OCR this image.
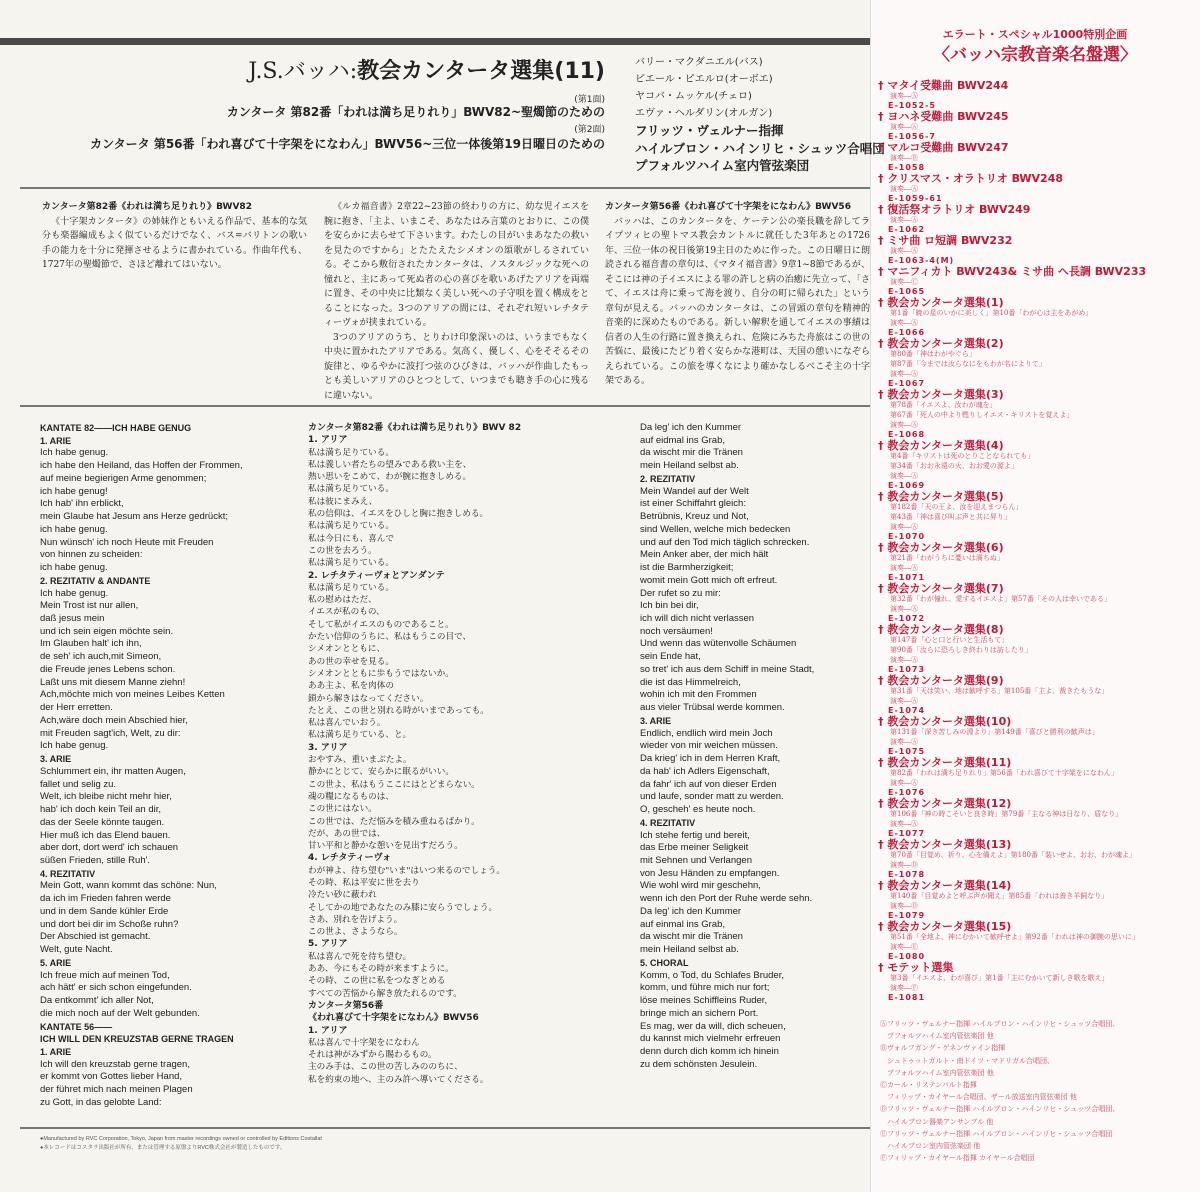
J.S.バッハ:教会カンタータ選集(11)
(第1面)
カンタータ 第82番「われは満ち足りれり」BWV82~聖燭節のための
(第2面)
カンタータ 第56番「われ喜びて十字架をになわん」BWV56~三位一体後第19日曜日のための
バリー・マクダニエル(バス)
ピエール・ピエルロ(オーボエ)
ヤコバ・ムッケル(チェロ)
エヴァ・ヘルダリン(オルガン)
フリッツ・ヴェルナー指揮
ハイルブロン・ハインリヒ・シュッツ合唱団
プフォルツハイム室内管弦楽団
カンタータ第82番《われは満ち足りれり》BWV82

《十字架カンタータ》の姉妹作ともいえる作品で、基本的な気分も楽器編成もよく似ているだけでなく、バス=バリトンの歌い手の能力を十分に発揮させるように書かれている。作曲年代も、1727年の聖燭節で、さほど離れてはいない。

《ルカ福音書》2章22~23節の終わりの方に、幼な児イエスを腕に抱き、「主よ、いまこそ、あなたはみ言葉のとおりに、この僕を安らかに去らせて下さいます。わたしの目がいまあなたの救いを見たのですから」とたたえたシメオンの頌歌がしるされている。そこから敷衍されたカンタータは、ノスタルジックな死への憧れと、主にあって死ぬ者の心の喜びを歌いあげたアリアを両端に置き、その中央に比類なく美しい死への子守唄を置く構成をとることになった。3つのアリアの間には、それぞれ短いレチタティーヴォが挟まれている。

3つのアリアのうち、とりわけ印象深いのは、いうまでもなく中央に置かれたアリアである。気高く、優しく、心をそそるその旋律と、ゆるやかに波打つ弦のひびきは、バッハが作曲したもっとも美しいアリアのひとつとして、いつまでも聴き手の心に残るに違いない。

カンタータ第56番《われ喜びて十字架をになわん》BWV56

バッハは、このカンタータを、ケーテン公の楽長職を辞してライプツィヒの聖トマス教会カントルに就任した3年あとの1726年、三位一体の祝日後第19主日のために作った。この日曜日に朗読される福音書の章句は、《マタイ福音書》9章1~8節であるが、そこには神の子イエスによる罪の許しと病の治癒に先立って、「さて、イエスは舟に乗って海を渡り、自分の町に帰られた」という章句が見える。バッハのカンタータは、この冒頭の章句を精神的音楽的に深めたものである。新しい解釈を通してイエスの事績は信者の人生の行路に置き換えられ、危険にみちた舟旅はこの世の苦悩に、最後にたどり着く安らかな港町は、天国の憩いになぞらえられている。この旅を導くなにより確かなしるべこそ主の十字架である。

KANTATE 82——ICH HABE GENUG
1. ARIE
Ich habe genug.
ich habe den Heiland, das Hoffen der Frommen,
auf meine begierigen Arme genommen;
ich habe genug!
Ich hab' ihn erblickt,
mein Glaube hat Jesum ans Herze gedrückt;
ich habe genug.
Nun wünsch' ich noch Heute mit Freuden
von hinnen zu scheiden:
ich habe genug.
2. REZITATIV & ANDANTE
Ich habe genug.
Mein Trost ist nur allen,
daß jesus mein
und ich sein eigen möchte sein.
Im Glauben halt' ich ihn,
de seh' ich auch,mit Simeon,
die Freude jenes Lebens schon.
Laßt uns mit diesem Manne ziehn!
Ach,möchte mich von meines Leibes Ketten
der Herr erretten.
Ach,wäre doch mein Abschied hier,
mit Freuden sagt'ich, Welt, zu dir:
Ich habe genug.
3. ARIE
Schlummert ein, ihr matten Augen,
fallet und selig zu.
Welt, ich bleibe nicht mehr hier,
hab' ich doch kein Teil an dir,
das der Seele könnte taugen.
Hier muß ich das Elend bauen.
aber dort, dort werd' ich schauen
süßen Frieden, stille Ruh'.
4. REZITATIV
Mein Gott, wann kommt das schöne: Nun,
da ich im Frieden fahren werde
und in dem Sande kühler Erde
und dort bei dir im Schoße ruhn?
Der Abschied ist gemacht.
Welt, gute Nacht.
5. ARIE
Ich freue mich auf meinen Tod,
ach hätt' er sich schon eingefunden.
Da entkommt' ich aller Not,
die mich noch auf der Welt gebunden.
KANTATE 56——
ICH WILL DEN KREUZSTAB GERNE TRAGEN
1. ARIE
Ich will den kreuzstab gerne tragen,
er kommt von Gottes lieber Hand,
der führet mich nach meinen Plagen
zu Gott, in das gelobte Land:
カンタータ第82番《われは満ち足りれり》BWV 82
1. アリア
私は満ち足りている。
私は義しい者たちの望みである救い主を、
熱い思いをこめて、わが腕に抱きしめる。
私は満ち足りている。
私は彼にまみえ、
私の信仰は、イエスをひしと胸に抱きしめる。
私は満ち足りている。
私は今日にも、喜んで
この世を去ろう。
私は満ち足りている。
2. レチタティーヴォとアンダンテ
私は満ち足りている。
私の慰めはただ、
イエスが私のもの、
そして私がイエスのものであること。
かたい信仰のうちに、私はもうこの目で、
シメオンとともに、
あの世の幸せを見る。
シメオンとともに歩もうではないか。
ああ主よ、私を肉体の
鎖から解きはなってください。
たとえ、この世と別れる時がいまであっても。
私は喜んでいおう。
私は満ち足りている、と。
3. アリア
おやすみ、重いまぶたよ。
静かにとじて、安らかに眠るがいい。
この世よ、私はもうここにはとどまらない。
魂の糧になるものは、
この世にはない。
この世では、ただ悩みを積み重ねるばかり。
だが、あの世では、
甘い平和と静かな憩いを見出すだろう。
4. レチタティーヴォ
わが神よ、待ち望む"いま"はいつ来るのでしょう。
その時、私は平安に世を去り
冷たい砂に蔽われ
そしてかの地であなたのみ膝に安らうでしょう。
さあ、別れを告げよう。
この世よ、さようなら。
5. アリア
私は喜んで死を待ち望む。
ああ、今にもその時が来ますように。
その時、この世に私をつなぎとめる
すべての苦悩から解き放たれるのです。
カンタータ第56番
《われ喜びて十字架をになわん》BWV56
1. アリア
私は喜んで十字架をになわん
それは神がみずから賜わるもの。
主のみ手は、この世の苦しみののちに、
私を約束の地へ、主のみ許へ導いてくださる。
Da leg' ich den Kummer
auf eidmal ins Grab,
da wischt mir die Tränen
mein Heiland selbst ab.
2. REZITATIV
Mein Wandel auf der Welt
ist einer Schiffahrt gleich:
Betrübnis, Kreuz und Not,
sind Wellen, welche mich bedecken
und auf den Tod mich täglich schrecken.
Mein Anker aber, der mich hält
ist die Barmherzigkeit;
womit mein Gott mich oft erfreut.
Der rufet so zu mir:
Ich bin bei dir,
ich will dich nicht verlassen
noch versäumen!
Und wenn das wütenvolle Schäumen
sein Ende hat,
so tret' ich aus dem Schiff in meine Stadt,
die ist das Himmelreich,
wohin ich mit den Frommen
aus vieler Trübsal werde kommen.
3. ARIE
Endlich, endlich wird mein Joch
wieder von mir weichen müssen.
Da krieg' ich in dem Herren Kraft,
da hab' ich Adlers Eigenschaft,
da fahr' ich auf von dieser Erden
und laufe, sonder matt zu werden.
O, gescheh' es heute noch.
4. REZITATIV
Ich stehe fertig und bereit,
das Erbe meiner Seligkeit
mit Sehnen und Verlangen
von Jesu Händen zu empfangen.
Wie wohl wird mir geschehn,
wenn ich den Port der Ruhe werde sehn.
Da leg' ich den Kummer
auf einmal ins Grab,
da wischt mir die Tränen
mein Heiland selbst ab.
5. CHORAL
Komm, o Tod, du Schlafes Bruder,
komm, und führe mich nur fort;
löse meines Schiffleins Ruder,
bringe mich an sichern Port.
Es mag, wer da will, dich scheuen,
du kannst mich vielmehr erfreuen
denn durch dich komm ich hinein
zu dem schönsten Jesulein.
●Manufactured by RVC Corporation, Tokyo, Japan from master recordings owned or controlled by Editions Costallat
●本レコードはコスタラ出版社が所有、または管理する原盤よりRVC株式会社が製造したものです。
エラート・スペシャル1000特別企画
〈バッハ宗教音楽名盤選〉
† マタイ受難曲 BWV244
演奏―Ⓐ
E-1052-5
† ヨハネ受難曲 BWV245
演奏―Ⓐ
E-1056-7
† マルコ受難曲 BWV247
演奏―Ⓑ
E-1058
† クリスマス・オラトリオ BWV248
演奏―Ⓐ
E-1059-61
† 復活祭オラトリオ BWV249
演奏―Ⓐ
E-1062
† ミサ曲 ロ短調 BWV232
演奏―Ⓐ
E-1063-4(M)
† マニフィカト BWV243& ミサ曲 ヘ長調 BWV233
演奏―Ⓒ
E-1065
† 教会カンタータ選集(1)
第1番「暁の星のいかに美しく」第10番「わが心は主をあがめ」
演奏―Ⓐ
E-1066
† 教会カンタータ選集(2)
第80番「神はわがやぐら」
第87番「今までは汝らなにをもわが名によりて」
演奏―Ⓐ
E-1067
† 教会カンタータ選集(3)
第78番「イエスよ、汝わが魂を」
第67番「死人の中より甦りしイエス・キリストを覚えよ」
演奏―Ⓐ
E-1068
† 教会カンタータ選集(4)
第4番「キリストは死のとりことなられても」
第34番「おお永遠の火、おお愛の源よ」
演奏―Ⓐ
E-1069
† 教会カンタータ選集(5)
第182番「天の王よ、汝を迎えまつらん」
第43番「神は喜び叫ぶ声と共に昇り」
演奏―Ⓐ
E-1070
† 教会カンタータ選集(6)
第21番「わがうちに憂いは満ちぬ」
演奏―Ⓐ
E-1071
† 教会カンタータ選集(7)
第32番「わが憧れ、愛するイエスよ」第57番「その人は幸いである」
演奏―Ⓐ
E-1072
† 教会カンタータ選集(8)
第147番「心と口と行いと生活もて」
第90番「汝らに恐ろしき終わりは訪したり」
演奏―Ⓐ
E-1073
† 教会カンタータ選集(9)
第31番「天は笑い、地は歓呼する」第105番「主よ、裁きたもうな」
演奏―Ⓐ
E-1074
† 教会カンタータ選集(10)
第131番「深き苦しみの淵より」第149番「喜びと勝利の歓声は」
演奏―Ⓐ
E-1075
† 教会カンタータ選集(11)
第82番「われは満ち足りれり」第56番「われ喜びて十字架をになわん」
演奏―Ⓐ
E-1076
† 教会カンタータ選集(12)
第106番「神の時こそいと良き時」第79番「主なる神は日なり、盾なり」
演奏―Ⓐ
E-1077
† 教会カンタータ選集(13)
第70番「目覚め、祈り、心を備えよ」第180番「装いせよ、おお、わが魂よ」
演奏―Ⓓ
E-1078
† 教会カンタータ選集(14)
第140番「目覚めよと呼ぶ声が聞え」第85番「われは善き羊飼なり」
演奏―Ⓓ
E-1079
† 教会カンタータ選集(15)
第51番「全地よ、神にむかいて歓呼せよ」第92番「われは神の御腕の思いに」
演奏―Ⓔ
E-1080
† モテット選集
第3番「イエスよ、わが喜び」第1番「主にむかいて新しき歌を歌え」
演奏―Ⓕ
E-1081
Ⓐフリッツ・ヴェルナー指揮 ハイルブロン・ハインリヒ・シュッツ合唱団、
　プフォルツハイム室内管弦楽団 他
Ⓑヴォルフガング・ゲネンヴァイン指揮
　シュトゥットガルト・南ドイツ・マドリガル合唱団、
　プフォルツハイム室内管弦楽団 他
Ⓒカール・リステンパルト指揮
　フィリップ・カイヤール合唱団、ザール放送室内管弦楽団 他
Ⓓフリッツ・ヴェルナー指揮 ハイルブロン・ハインリヒ・シュッツ合唱団、
　ハイルブロン器楽アンサンブル 他
Ⓔフリッツ・ヴェルナー指揮 ハイルブロン・ハインリヒ・シュッツ合唱団
　ハイルブロン室内管弦楽団 他
Ⓕフィリップ・カイヤール指揮 カイヤール合唱団
